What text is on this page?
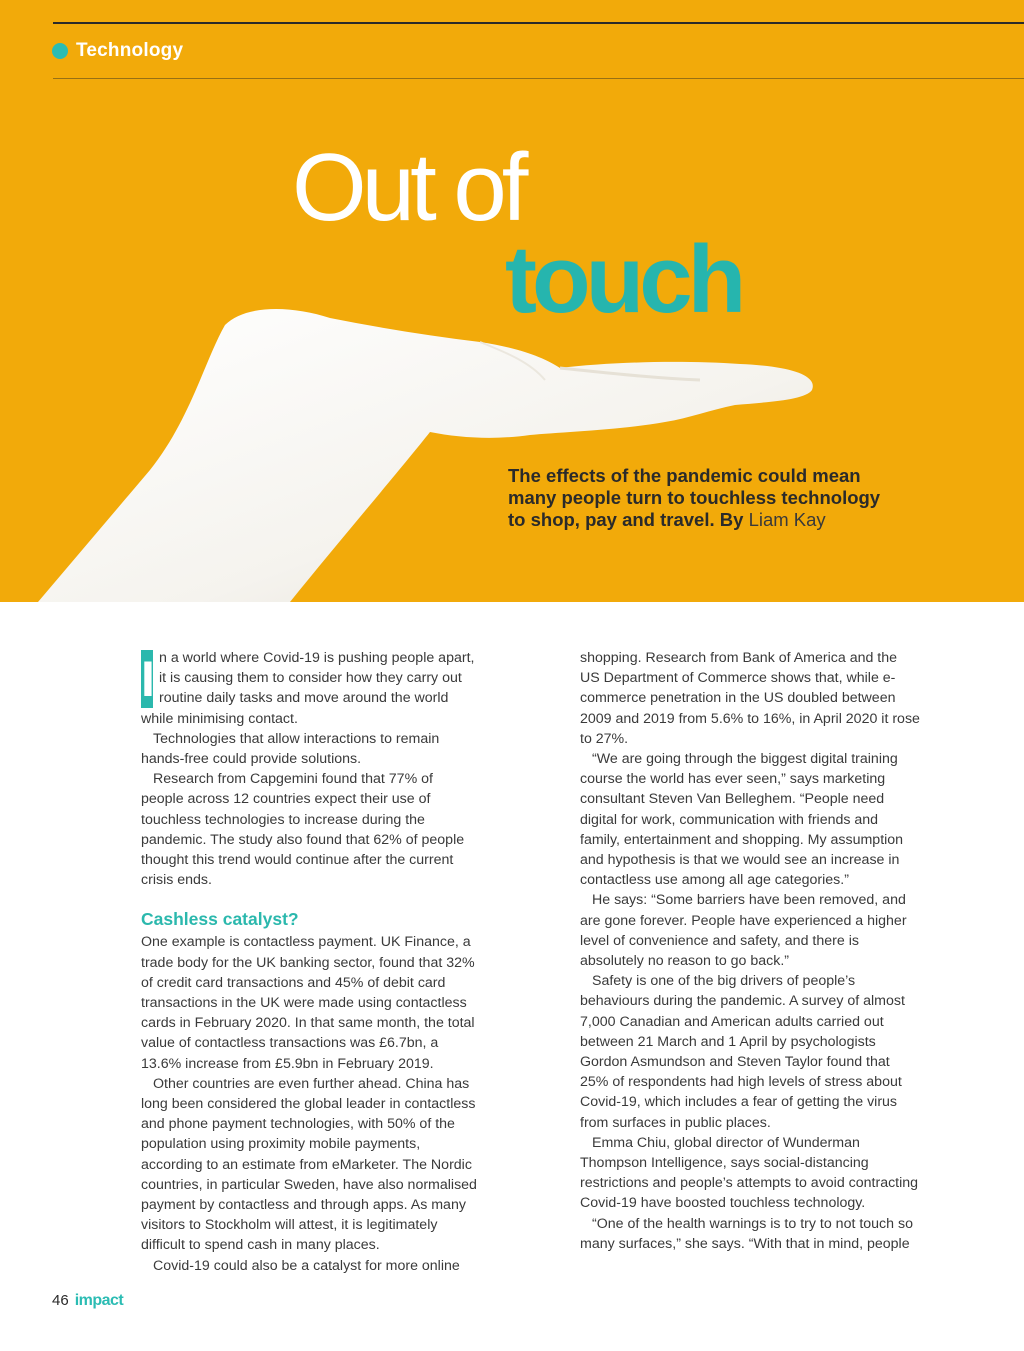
Technology
Out of
touch
The effects of the pandemic could mean many people turn to touchless technology to shop, pay and travel. By Liam Kay

I n a world where Covid-19 is pushing people apart, it is causing them to consider how they carry out routine daily tasks and move around the world while minimising contact.

Technologies that allow interactions to remain hands-free could provide solutions.

Research from Capgemini found that 77% of people across 12 countries expect their use of touchless technologies to increase during the pandemic. The study also found that 62% of people thought this trend would continue after the current crisis ends.

Cashless catalyst?

One example is contactless payment. UK Finance, a trade body for the UK banking sector, found that 32% of credit card transactions and 45% of debit card transactions in the UK were made using contactless cards in February 2020. In that same month, the total value of contactless transactions was £6.7bn, a 13.6% increase from £5.9bn in February 2019.

Other countries are even further ahead. China has long been considered the global leader in contactless and phone payment technologies, with 50% of the population using proximity mobile payments, according to an estimate from eMarketer. The Nordic countries, in particular Sweden, have also normalised payment by contactless and through apps. As many visitors to Stockholm will attest, it is legitimately difficult to spend cash in many places.

Covid-19 could also be a catalyst for more online

shopping. Research from Bank of America and the US Department of Commerce shows that, while e-commerce penetration in the US doubled between 2009 and 2019 from 5.6% to 16%, in April 2020 it rose to 27%.

“We are going through the biggest digital training course the world has ever seen,” says marketing consultant Steven Van Belleghem. “People need digital for work, communication with friends and family, entertainment and shopping. My assumption and hypothesis is that we would see an increase in contactless use among all age categories.”

He says: “Some barriers have been removed, and are gone forever. People have experienced a higher level of convenience and safety, and there is absolutely no reason to go back.”

Safety is one of the big drivers of people’s behaviours during the pandemic. A survey of almost 7,000 Canadian and American adults carried out between 21 March and 1 April by psychologists Gordon Asmundson and Steven Taylor found that 25% of respondents had high levels of stress about Covid-19, which includes a fear of getting the virus from surfaces in public places.

Emma Chiu, global director of Wunderman Thompson Intelligence, says social-distancing restrictions and people’s attempts to avoid contracting Covid-19 have boosted touchless technology.

“One of the health warnings is to try to not touch so many surfaces,” she says. “With that in mind, people

46 impact
